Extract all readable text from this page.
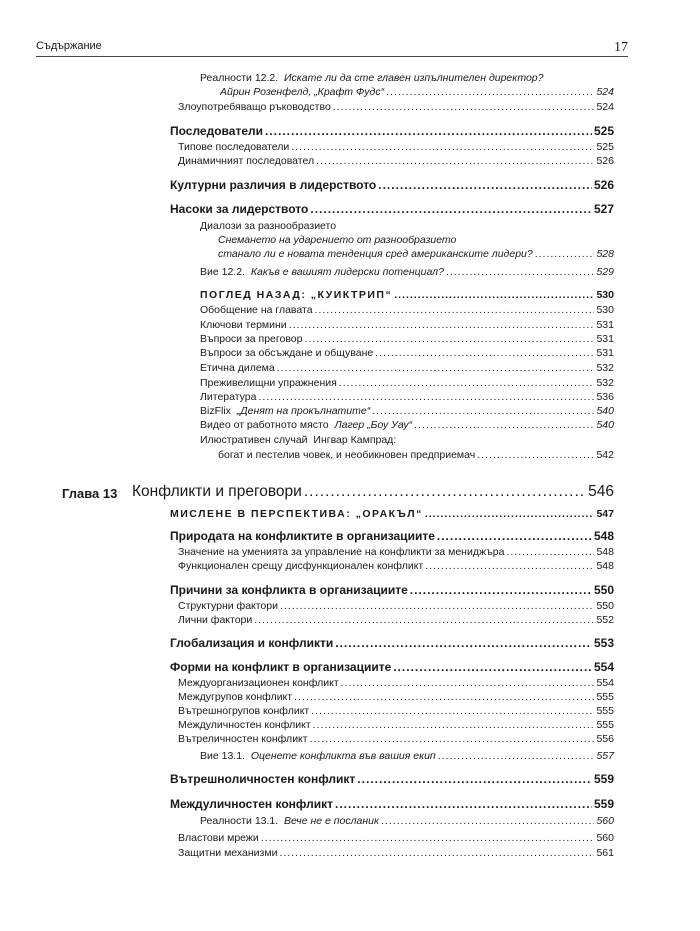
Съдържание	17
Реалности 12.2. Искате ли да сте главен изпълнителен директор?
Айрин Розенфелд, „Крафт Фудс“ .....	524
Злоупотребяващо ръководство .....	524
Последователи .....	525
Типове последователи .....	525
Динамичният последовател .....	526
Културни различия в лидерството .....	526
Насоки за лидерството .....	527
Диалози за разнообразието
Снемането на ударението от разнообразието
станало ли е новата тенденция сред американските лидери? .....	528
Вие 12.2. Какъв е вашият лидерски потенциал? .....	529
ПОГЛЕД НАЗАД: „КУИКТРИП“ .....	530
Обобщение на главата .....	530
Ключови термини .....	531
Въпроси за преговор .....	531
Въпроси за обсъждане и общуване .....	531
Етична дилема .....	532
Преживелищни упражнения .....	532
Литература .....	536
BizFlix „Денят на прокълнатите“ .....	540
Видео от работното място Лагер „Боу Уау“ .....	540
Илюстративен случай Ингвар Кампрад:
богат и пестелив човек, и необикновен предприемач .....	542
Глава 13 Конфликти и преговори .....	546
МИСЛЕНЕ В ПЕРСПЕКТИВА: „ОРАКЪЛ“ .....	547
Природата на конфликтите в организациите .....	548
Значение на уменията за управление на конфликти за мениджъра .....	548
Функционален срещу дисфункционален конфликт .....	548
Причини за конфликта в организациите .....	550
Структурни фактори .....	550
Лични фактори .....	552
Глобализация и конфликти .....	553
Форми на конфликт в организациите .....	554
Междуорганизационен конфликт .....	554
Междугрупов конфликт .....	555
Вътрешногрупов конфликт .....	555
Междуличностен конфликт .....	555
Вътреличностен конфликт .....	556
Вие 13.1. Оценете конфликта във вашия екип .....	557
Вътрешноличностен конфликт .....	559
Междуличностен конфликт .....	559
Реалности 13.1. Вече не е посланик .....	560
Властови мрежи .....	560
Защитни механизми .....	561
